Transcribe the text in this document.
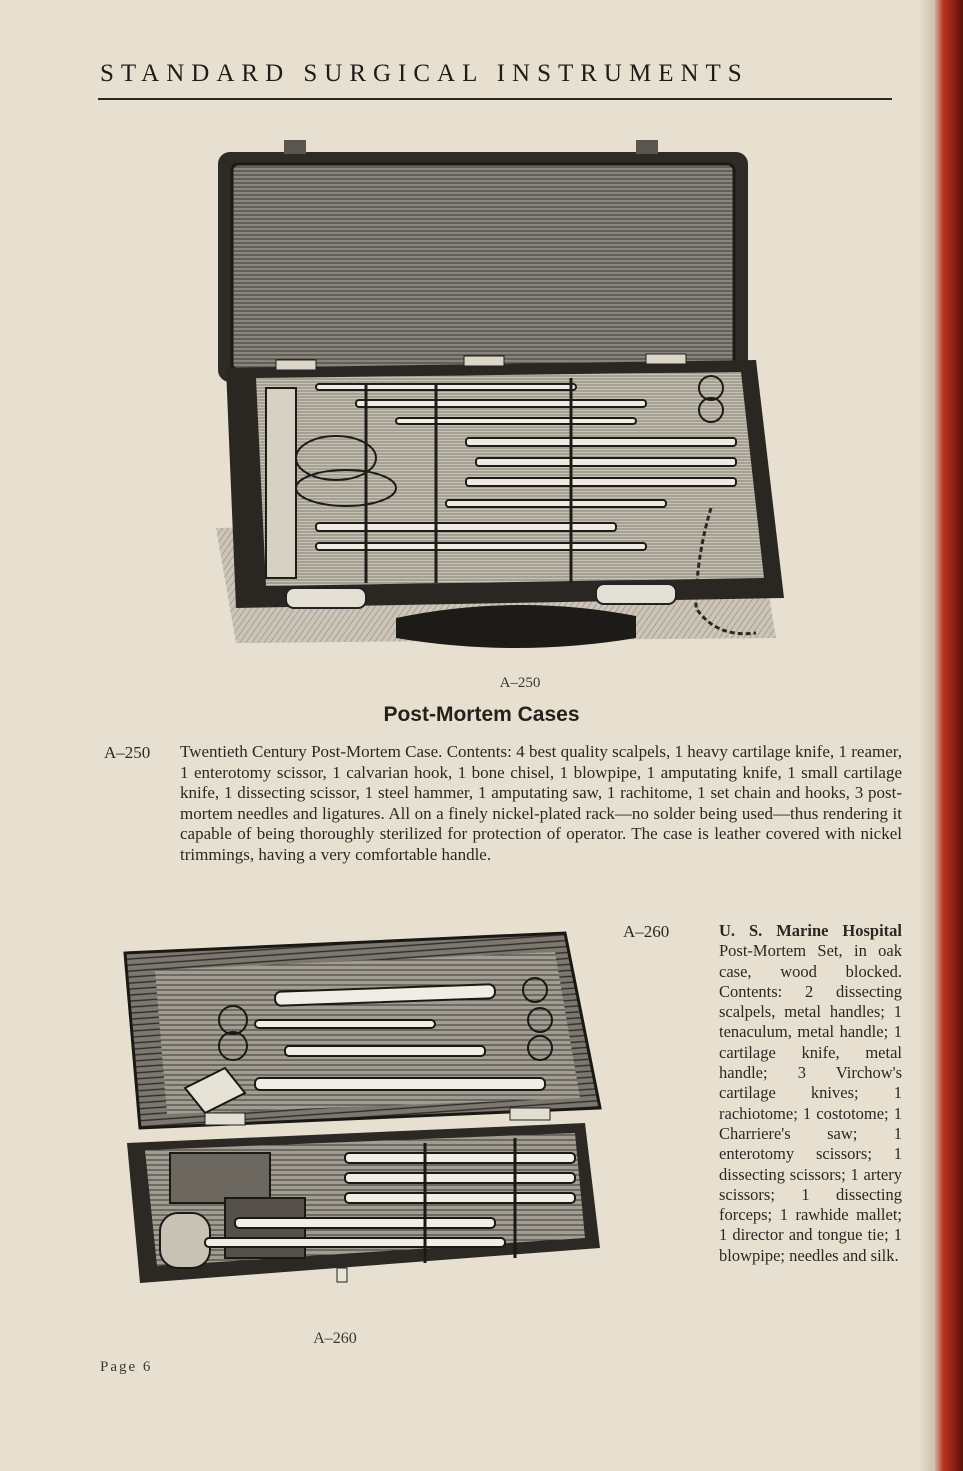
STANDARD SURGICAL INSTRUMENTS
A–250
Post-Mortem Cases
A–250 Twentieth Century Post-Mortem Case. Contents: 4 best quality scalpels, 1 heavy cartilage knife, 1 reamer, 1 enterotomy scissor, 1 calvarian hook, 1 bone chisel, 1 blowpipe, 1 amputating knife, 1 small cartilage knife, 1 dissecting scissor, 1 steel hammer, 1 amputating saw, 1 rachitome, 1 set chain and hooks, 3 post-mortem needles and ligatures. All on a finely nickel-plated rack—no solder being used—thus rendering it capable of being thoroughly sterilized for protection of operator. The case is leather covered with nickel trimmings, having a very comfortable handle.

A–260
A–260	U. S. Marine Hospital Post-Mortem Set, in oak case, wood blocked. Contents: 2 dissecting scalpels, metal handles; 1 tenaculum, metal handle; 1 cartilage knife, metal handle; 3 Virchow's cartilage knives; 1 rachiotome; 1 costotome; 1 Charriere's saw; 1 enterotomy scissors; 1 dissecting scissors; 1 artery scissors; 1 dissecting forceps; 1 rawhide mallet; 1 director and tongue tie; 1 blowpipe; needles and silk.
Page 6
